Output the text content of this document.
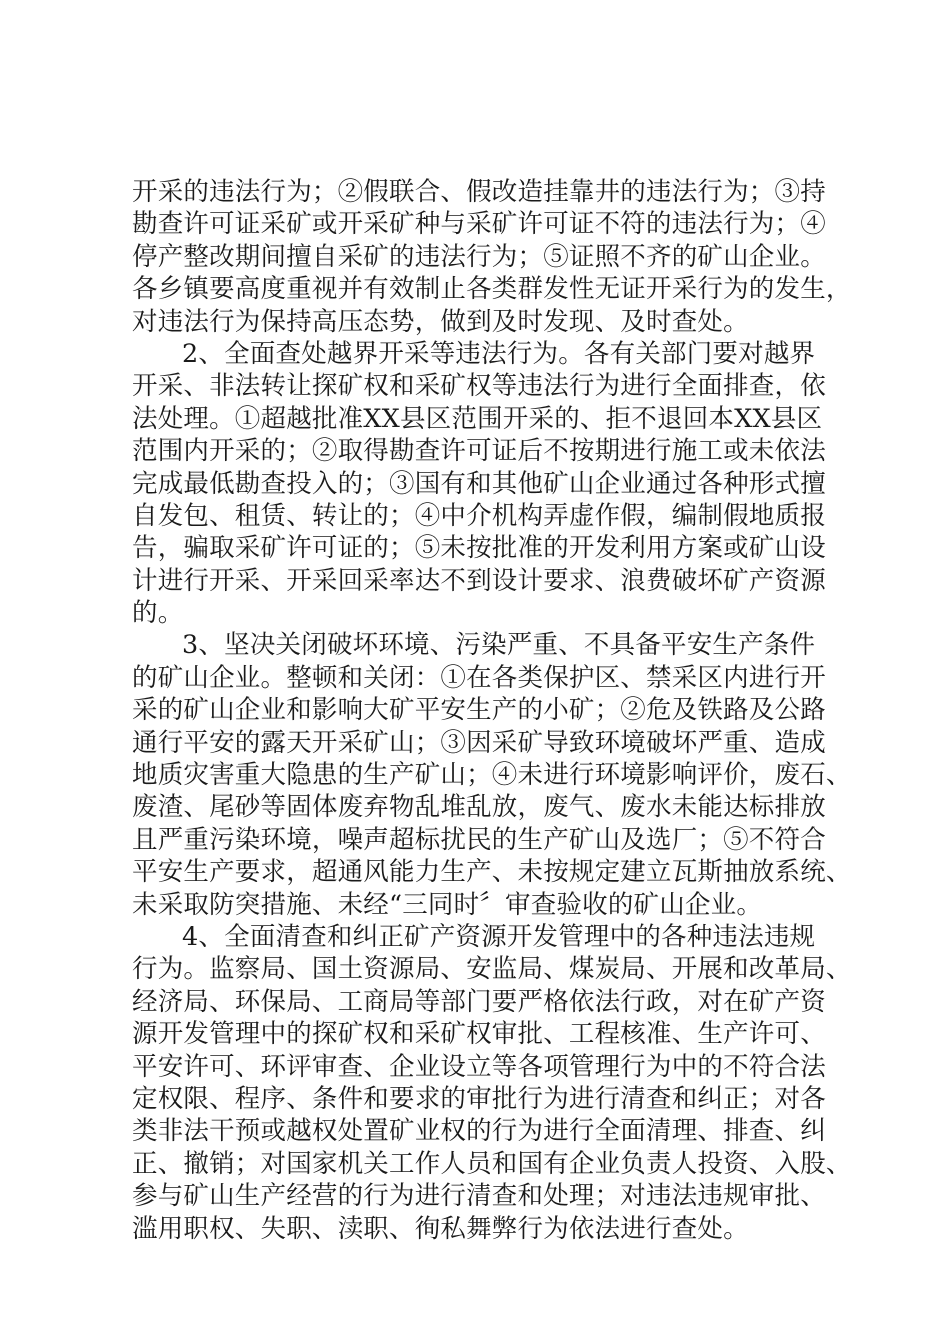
开采的违法行为；②假联合、假改造挂靠井的违法行为；③持
勘查许可证采矿或开采矿种与采矿许可证不符的违法行为；④
停产整改期间擅自采矿的违法行为；⑤证照不齐的矿山企业。
各乡镇要高度重视并有效制止各类群发性无证开采行为的发生，
对违法行为保持高压态势，做到及时发现、及时查处。
2、全面查处越界开采等违法行为。各有关部门要对越界
开采、非法转让探矿权和采矿权等违法行为进行全面排查，依
法处理。①超越批准XX县区范围开采的、拒不退回本XX县区
范围内开采的；②取得勘查许可证后不按期进行施工或未依法
完成最低勘查投入的；③国有和其他矿山企业通过各种形式擅
自发包、租赁、转让的；④中介机构弄虚作假，编制假地质报
告，骗取采矿许可证的；⑤未按批准的开发利用方案或矿山设
计进行开采、开采回采率达不到设计要求、浪费破坏矿产资源
的。
3、坚决关闭破坏环境、污染严重、不具备平安生产条件
的矿山企业。整顿和关闭：①在各类保护区、禁采区内进行开
采的矿山企业和影响大矿平安生产的小矿；②危及铁路及公路
通行平安的露天开采矿山；③因采矿导致环境破坏严重、造成
地质灾害重大隐患的生产矿山；④未进行环境影响评价，废石、
废渣、尾砂等固体废弃物乱堆乱放，废气、废水未能达标排放
且严重污染环境，噪声超标扰民的生产矿山及选厂；⑤不符合
平安生产要求，超通风能力生产、未按规定建立瓦斯抽放系统、
未采取防突措施、未经“三同时〞审查验收的矿山企业。
4、全面清查和纠正矿产资源开发管理中的各种违法违规
行为。监察局、国土资源局、安监局、煤炭局、开展和改革局、
经济局、环保局、工商局等部门要严格依法行政，对在矿产资
源开发管理中的探矿权和采矿权审批、工程核准、生产许可、
平安许可、环评审查、企业设立等各项管理行为中的不符合法
定权限、程序、条件和要求的审批行为进行清查和纠正；对各
类非法干预或越权处置矿业权的行为进行全面清理、排查、纠
正、撤销；对国家机关工作人员和国有企业负责人投资、入股、
参与矿山生产经营的行为进行清查和处理；对违法违规审批、
滥用职权、失职、渎职、徇私舞弊行为依法进行查处。
